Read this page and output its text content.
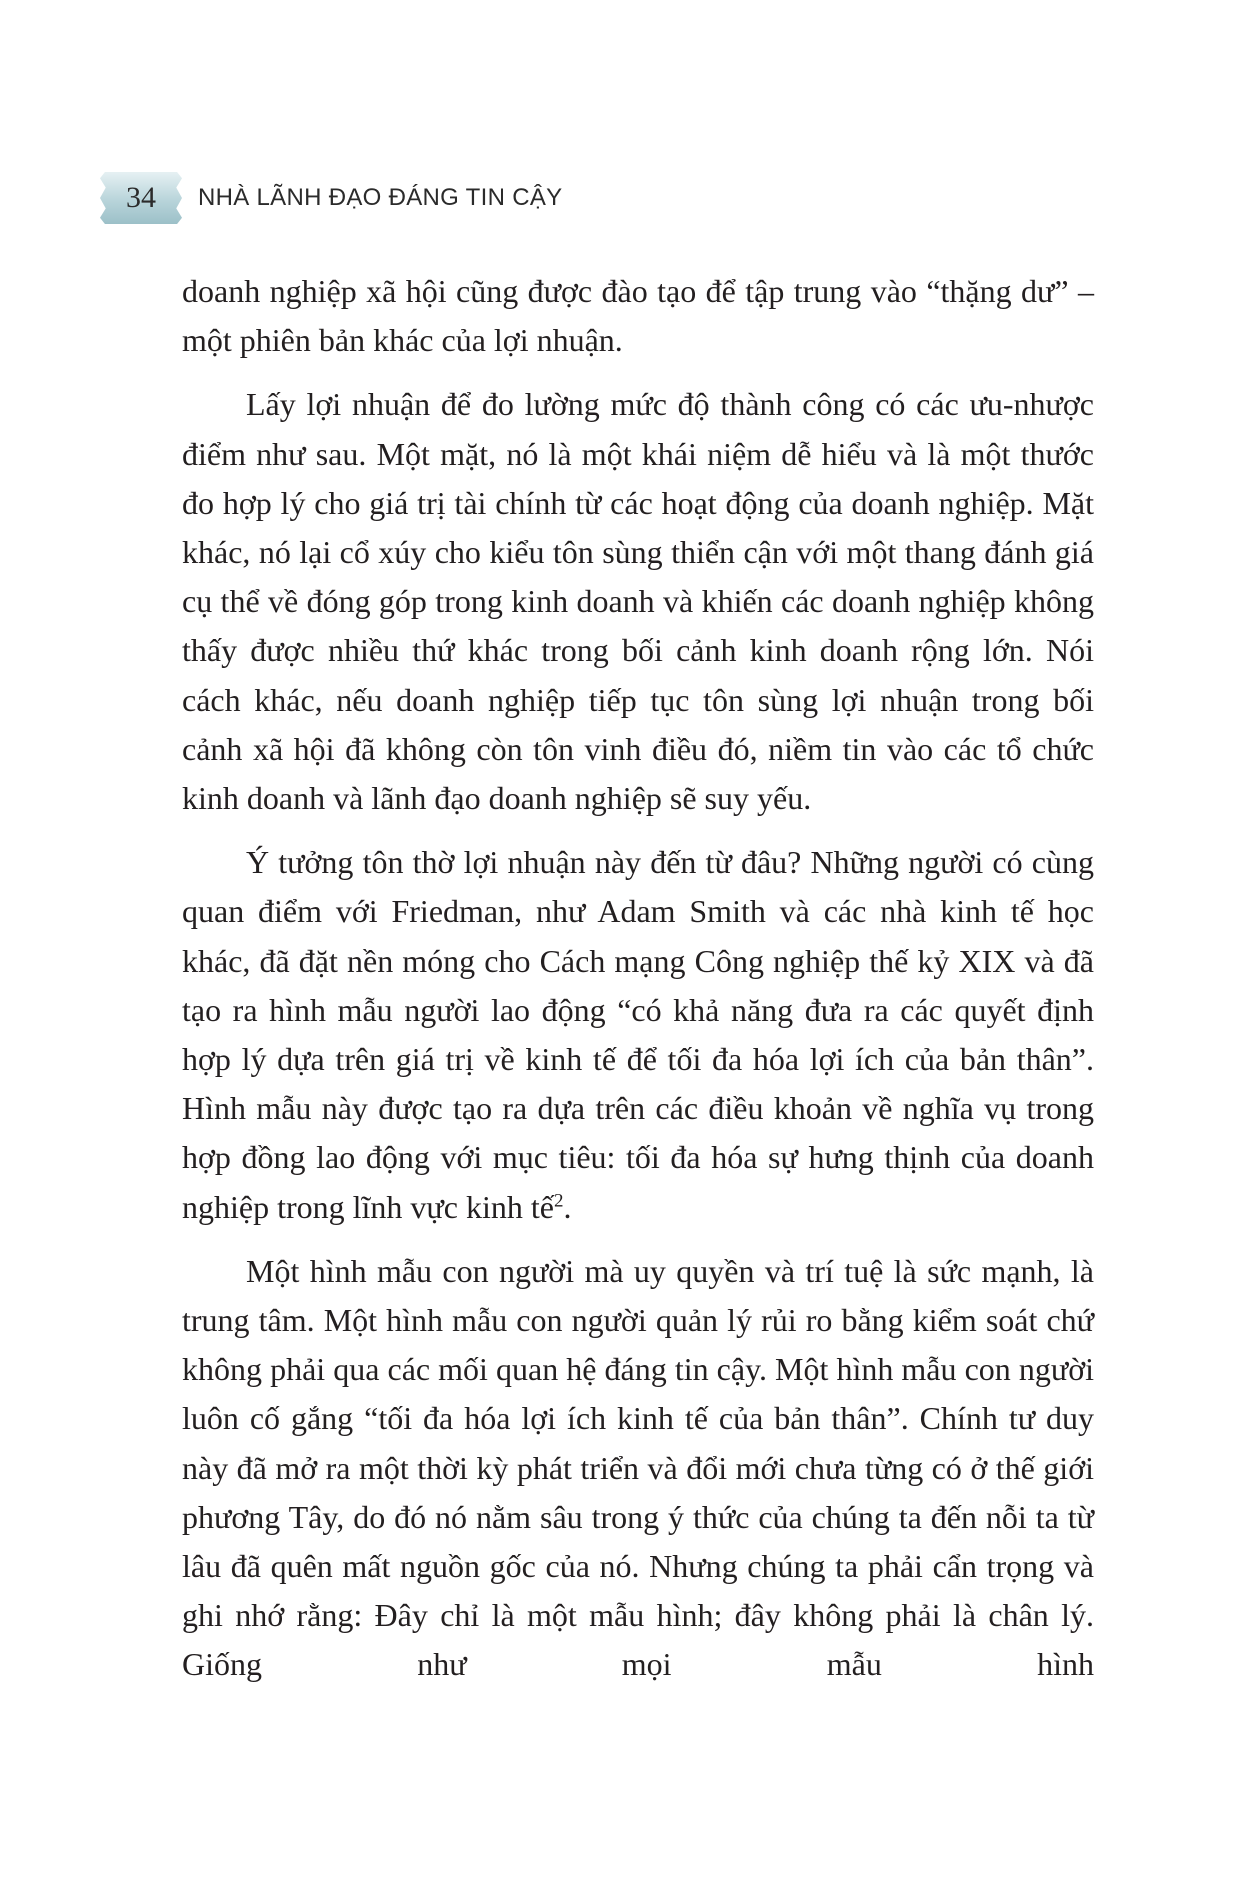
34	NHÀ LÃNH ĐẠO ĐÁNG TIN CẬY

doanh nghiệp xã hội cũng được đào tạo để tập trung vào “thặng dư” – một phiên bản khác của lợi nhuận.

Lấy lợi nhuận để đo lường mức độ thành công có các ưu-nhược điểm như sau. Một mặt, nó là một khái niệm dễ hiểu và là một thước đo hợp lý cho giá trị tài chính từ các hoạt động của doanh nghiệp. Mặt khác, nó lại cổ xúy cho kiểu tôn sùng thiển cận với một thang đánh giá cụ thể về đóng góp trong kinh doanh và khiến các doanh nghiệp không thấy được nhiều thứ khác trong bối cảnh kinh doanh rộng lớn. Nói cách khác, nếu doanh nghiệp tiếp tục tôn sùng lợi nhuận trong bối cảnh xã hội đã không còn tôn vinh điều đó, niềm tin vào các tổ chức kinh doanh và lãnh đạo doanh nghiệp sẽ suy yếu.

Ý tưởng tôn thờ lợi nhuận này đến từ đâu? Những người có cùng quan điểm với Friedman, như Adam Smith và các nhà kinh tế học khác, đã đặt nền móng cho Cách mạng Công nghiệp thế kỷ XIX và đã tạo ra hình mẫu người lao động “có khả năng đưa ra các quyết định hợp lý dựa trên giá trị về kinh tế để tối đa hóa lợi ích của bản thân”. Hình mẫu này được tạo ra dựa trên các điều khoản về nghĩa vụ trong hợp đồng lao động với mục tiêu: tối đa hóa sự hưng thịnh của doanh nghiệp trong lĩnh vực kinh tế$^2$.

Một hình mẫu con người mà uy quyền và trí tuệ là sức mạnh, là trung tâm. Một hình mẫu con người quản lý rủi ro bằng kiểm soát chứ không phải qua các mối quan hệ đáng tin cậy. Một hình mẫu con người luôn cố gắng “tối đa hóa lợi ích kinh tế của bản thân”. Chính tư duy này đã mở ra một thời kỳ phát triển và đổi mới chưa từng có ở thế giới phương Tây, do đó nó nằm sâu trong ý thức của chúng ta đến nỗi ta từ lâu đã quên mất nguồn gốc của nó. Nhưng chúng ta phải cẩn trọng và ghi nhớ rằng: Đây chỉ là một mẫu hình; đây không phải là chân lý. Giống như mọi mẫu hình
